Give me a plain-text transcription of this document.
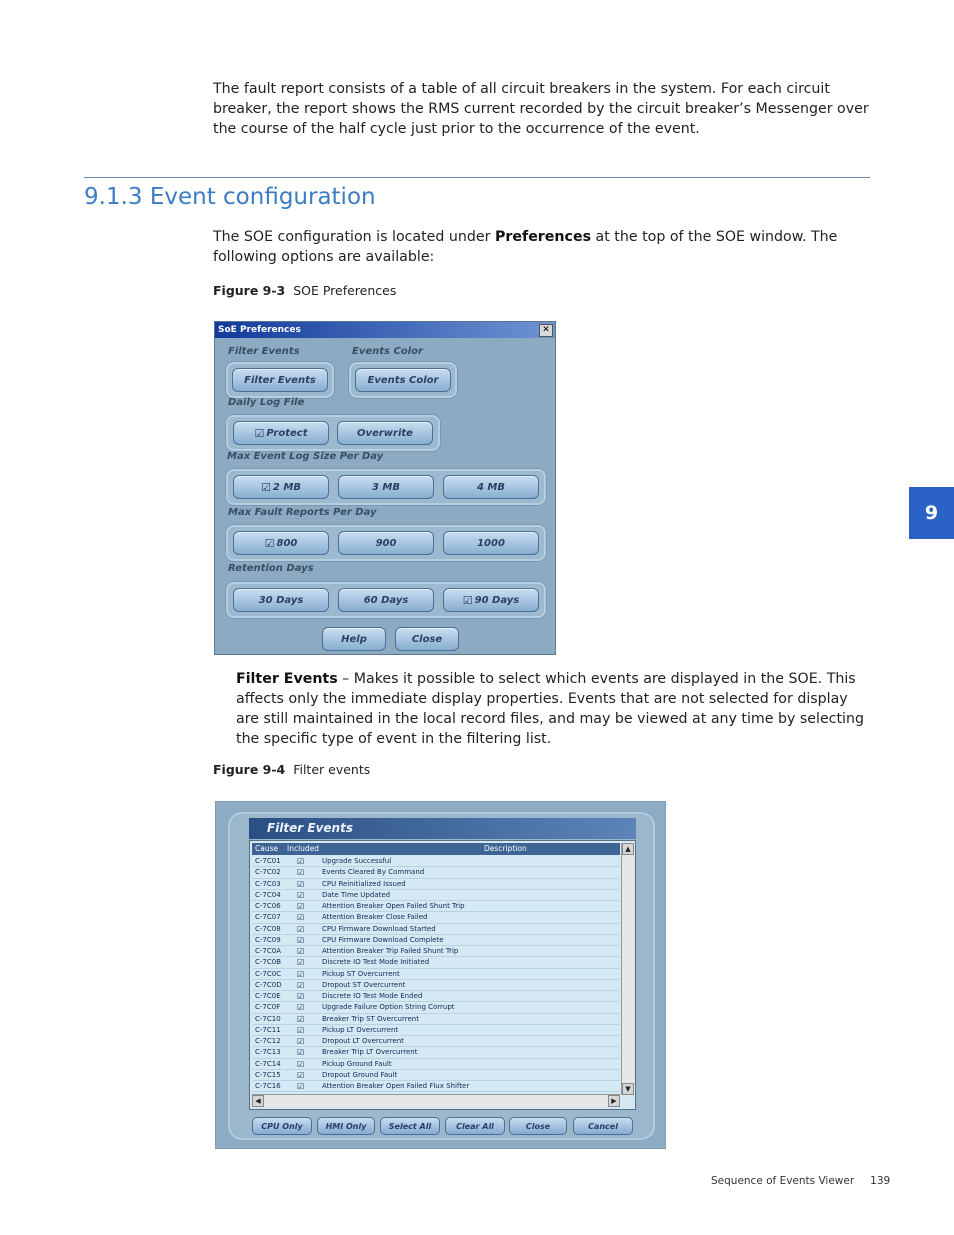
The fault report consists of a table of all circuit breakers in the system. For each circuit breaker, the report shows the RMS current recorded by the circuit breaker’s Messenger over the course of the half cycle just prior to the occurrence of the event.
9.1.3 Event configuration
The SOE configuration is located under Preferences at the top of the SOE window. The following options are available:
Figure 9-3 SOE Preferences
SoE Preferences	✕
Filter Events	Events Color
Filter Events	Events Color
Daily Log File
☑ Protect	Overwrite
Max Event Log Size Per Day
☑ 2 MB	3 MB	4 MB
Max Fault Reports Per Day
☑ 800	900	1000
Retention Days
30 Days	60 Days	☑ 90 Days
Help	Close
Filter Events – Makes it possible to select which events are displayed in the SOE. This affects only the immediate display properties. Events that are not selected for display are still maintained in the local record files, and may be viewed at any time by selecting the specific type of event in the filtering list.
Figure 9-4 Filter events
Filter Events
Cause Included	Description
C-7C01 ☑	Upgrade Successful
C-7C02 ☑	Events Cleared By Command
C-7C03 ☑	CPU Reinitialized Issued
C-7C04 ☑	Date Time Updated
C-7C06 ☑	Attention Breaker Open Failed Shunt Trip
C-7C07 ☑	Attention Breaker Close Failed
C-7C08 ☑	CPU Firmware Download Started
C-7C09 ☑	CPU Firmware Download Complete
C-7C0A ☑	Attention Breaker Trip Failed Shunt Trip
C-7C0B ☑	Discrete IO Test Mode Initiated
C-7C0C ☑	Pickup ST Overcurrent
C-7C0D ☑	Dropout ST Overcurrent
C-7C0E ☑	Discrete IO Test Mode Ended
C-7C0F ☑	Upgrade Failure Option String Corrupt
C-7C10 ☑	Breaker Trip ST Overcurrent
C-7C11 ☑	Pickup LT Overcurrent
C-7C12 ☑	Dropout LT Overcurrent
C-7C13 ☑	Breaker Trip LT Overcurrent
C-7C14 ☑	Pickup Ground Fault
C-7C15 ☑	Dropout Ground Fault
C-7C16 ☑	Attention Breaker Open Failed Flux Shifter
▲
▼
◀	▶
CPU Only	HMI Only	Select All	Clear All	Close	Cancel
9
Sequence of Events Viewer 139
